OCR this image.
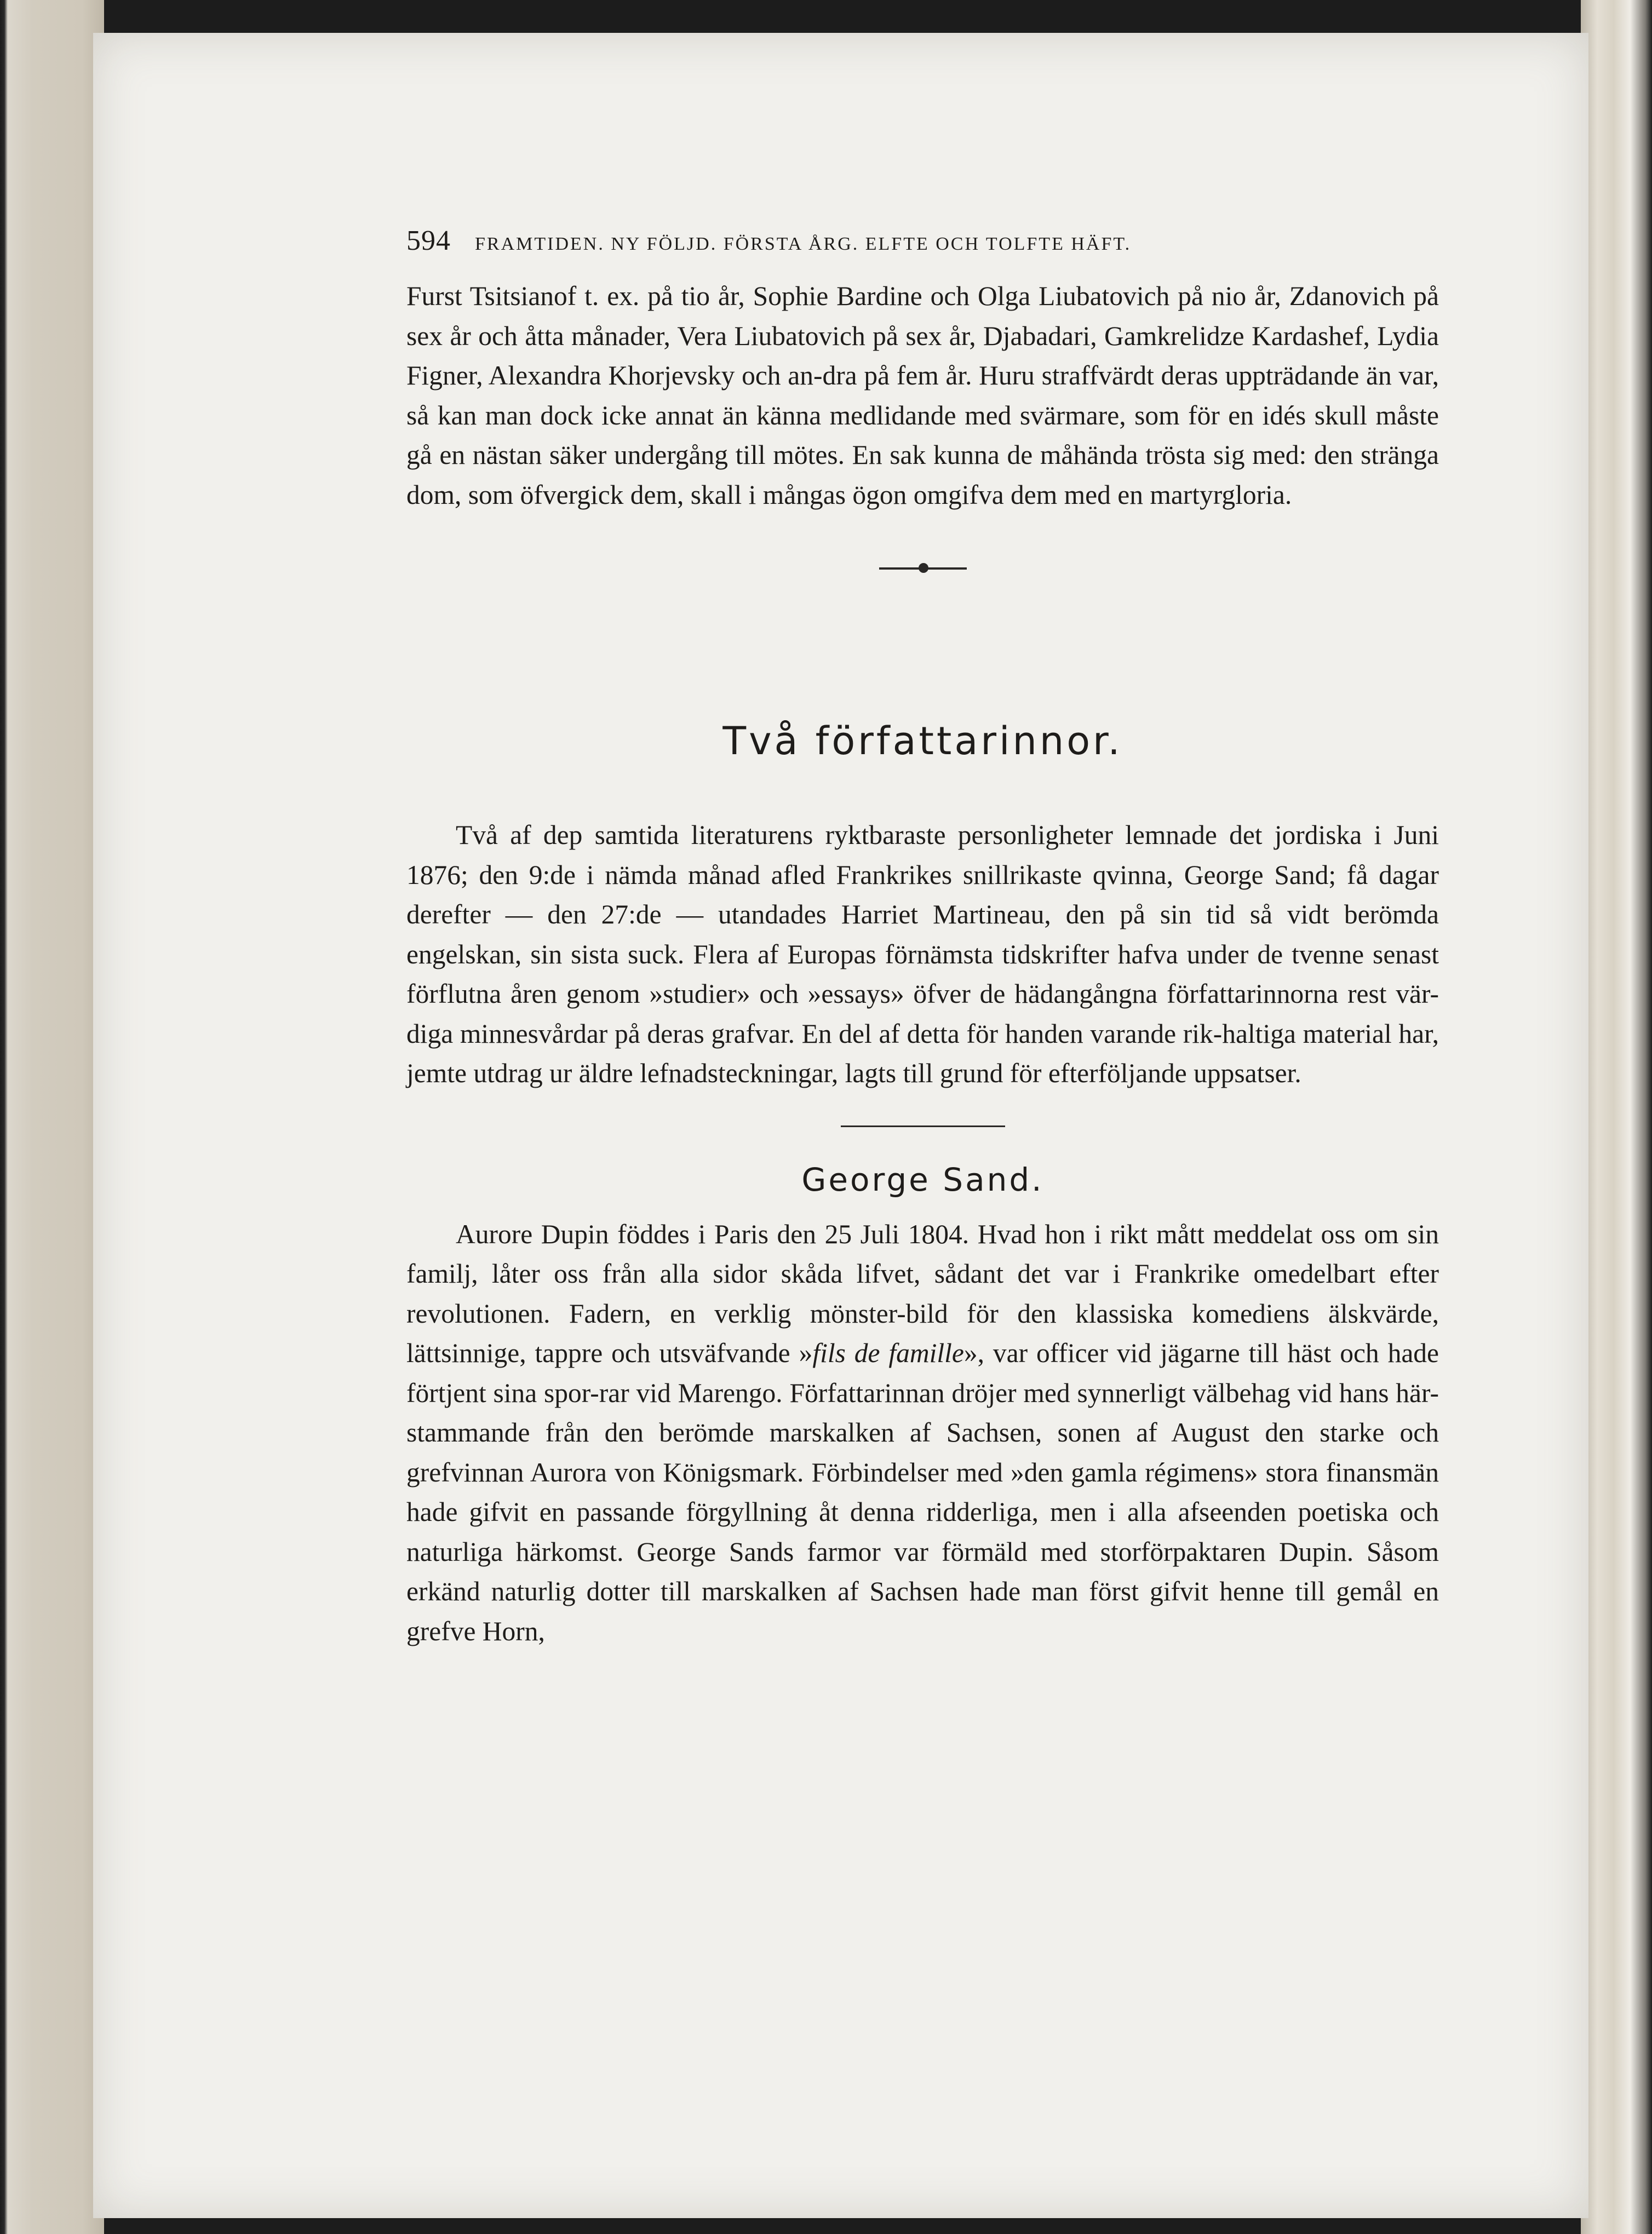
594 FRAMTIDEN. NY FÖLJD. FÖRSTA ÅRG. ELFTE OCH TOLFTE HÄFT.

Furst Tsitsianof t. ex. på tio år, Sophie Bardine och Olga Liubatovich på nio år, Zdanovich på sex år och åtta månader, Vera Liubatovich på sex år, Djabadari, Gamkrelidze Kardashef, Lydia Figner, Alexandra Khorjevsky och an-dra på fem år. Huru straffvärdt deras uppträdande än var, så kan man dock icke annat än känna medlidande med svärmare, som för en idés skull måste gå en nästan säker undergång till mötes. En sak kunna de måhända trösta sig med: den stränga dom, som öfvergick dem, skall i mångas ögon omgifva dem med en martyrgloria.

Två författarinnor.

Två af dep samtida literaturens ryktbaraste personligheter lemnade det jordiska i Juni 1876; den 9:de i nämda månad afled Frankrikes snillrikaste qvinna, George Sand; få dagar derefter — den 27:de — utandades Harriet Martineau, den på sin tid så vidt berömda engelskan, sin sista suck. Flera af Europas förnämsta tidskrifter hafva under de tvenne senast förflutna åren genom »studier» och »essays» öfver de hädangångna författarinnorna rest vär-diga minnesvårdar på deras grafvar. En del af detta för handen varande rik-haltiga material har, jemte utdrag ur äldre lefnadsteckningar, lagts till grund för efterföljande uppsatser.

George Sand.

Aurore Dupin föddes i Paris den 25 Juli 1804. Hvad hon i rikt mått meddelat oss om sin familj, låter oss från alla sidor skåda lifvet, sådant det var i Frankrike omedelbart efter revolutionen. Fadern, en verklig mönster-bild för den klassiska komediens älskvärde, lättsinnige, tappre och utsväfvande »fils de famille», var officer vid jägarne till häst och hade förtjent sina spor-rar vid Marengo. Författarinnan dröjer med synnerligt välbehag vid hans här-stammande från den berömde marskalken af Sachsen, sonen af August den starke och grefvinnan Aurora von Königsmark. Förbindelser med »den gamla régimens» stora finansmän hade gifvit en passande förgyllning åt denna ridderliga, men i alla afseenden poetiska och naturliga härkomst. George Sands farmor var förmäld med storförpaktaren Dupin. Såsom erkänd naturlig dotter till marskalken af Sachsen hade man först gifvit henne till gemål en grefve Horn,
